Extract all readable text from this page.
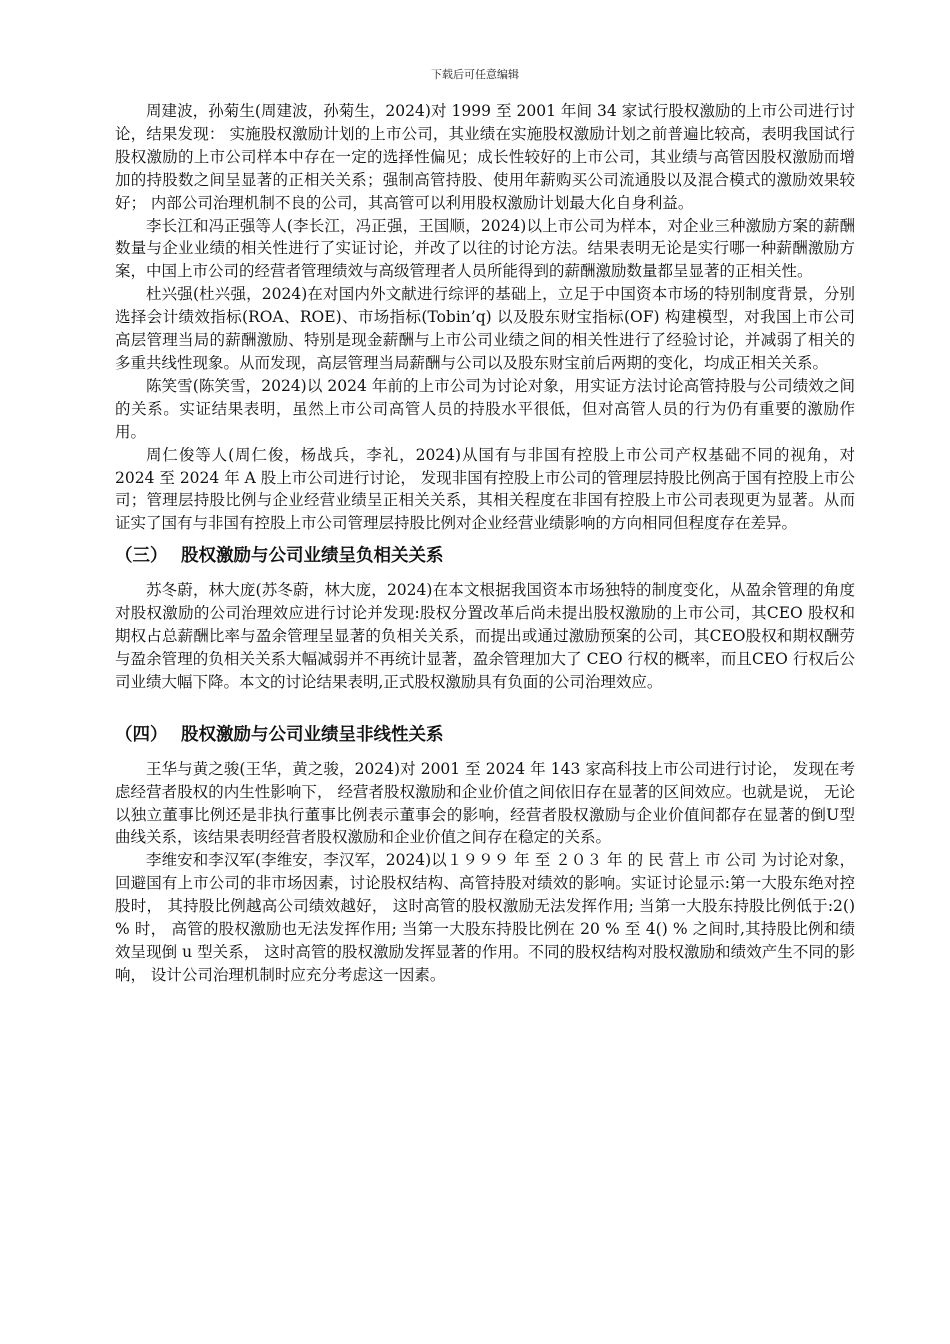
下载后可任意编辑

周建波，孙菊生(周建波，孙菊生，2024)对 1999 至 2001 年间 34 家试行股权激励的上市公司进行讨论，结果发现： 实施股权激励计划的上市公司，其业绩在实施股权激励计划之前普遍比较高，表明我国试行股权激励的上市公司样本中存在一定的选择性偏见；成长性较好的上市公司，其业绩与高管因股权激励而增加的持股数之间呈显著的正相关关系；强制高管持股、使用年薪购买公司流通股以及混合模式的激励效果较好； 内部公司治理机制不良的公司，其高管可以利用股权激励计划最大化自身利益。

李长江和冯正强等人(李长江，冯正强，王国顺，2024)以上市公司为样本，对企业三种激励方案的薪酬数量与企业业绩的相关性进行了实证讨论，并改了以往的讨论方法。结果表明无论是实行哪一种薪酬激励方案，中国上市公司的经营者管理绩效与高级管理者人员所能得到的薪酬激励数量都呈显著的正相关性。

杜兴强(杜兴强，2024)在对国内外文献进行综评的基础上，立足于中国资本市场的特别制度背景，分别选择会计绩效指标(ROA、ROE)、市场指标(Tobin’q) 以及股东财宝指标(OF) 构建模型，对我国上市公司高层管理当局的薪酬激励、特别是现金薪酬与上市公司业绩之间的相关性进行了经验讨论，并减弱了相关的多重共线性现象。从而发现，高层管理当局薪酬与公司以及股东财宝前后两期的变化，均成正相关关系。

陈笑雪(陈笑雪，2024)以 2024 年前的上市公司为讨论对象，用实证方法讨论高管持股与公司绩效之间的关系。实证结果表明，虽然上市公司高管人员的持股水平很低，但对高管人员的行为仍有重要的激励作用。

周仁俊等人(周仁俊，杨战兵，李礼，2024)从国有与非国有控股上市公司产权基础不同的视角，对 2024 至 2024 年 A 股上市公司进行讨论， 发现非国有控股上市公司的管理层持股比例高于国有控股上市公司；管理层持股比例与企业经营业绩呈正相关关系，其相关程度在非国有控股上市公司表现更为显著。从而证实了国有与非国有控股上市公司管理层持股比例对企业经营业绩影响的方向相同但程度存在差异。

（三） 股权激励与公司业绩呈负相关关系

苏冬蔚，林大庞(苏冬蔚，林大庞，2024)在本文根据我国资本市场独特的制度变化，从盈余管理的角度对股权激励的公司治理效应进行讨论并发现:股权分置改革后尚未提出股权激励的上市公司，其CEO 股权和期权占总薪酬比率与盈余管理呈显著的负相关关系，而提出或通过激励预案的公司，其CEO股权和期权酬劳与盈余管理的负相关关系大幅减弱并不再统计显著，盈余管理加大了 CEO 行权的概率，而且CEO 行权后公司业绩大幅下降。本文的讨论结果表明,正式股权激励具有负面的公司治理效应。

（四） 股权激励与公司业绩呈非线性关系

王华与黄之骏(王华，黄之骏，2024)对 2001 至 2024 年 143 家高科技上市公司进行讨论， 发现在考虑经营者股权的内生性影响下， 经营者股权激励和企业价值之间依旧存在显著的区间效应。也就是说， 无论以独立董事比例还是非执行董事比例表示董事会的影响，经营者股权激励与企业价值间都存在显著的倒U型曲线关系，该结果表明经营者股权激励和企业价值之间存在稳定的关系。

李维安和李汉军(李维安，李汉军，2024)以１９９９ 年 至 ２０３ 年 的 民 营上 市 公司 为讨论对象，回避国有上市公司的非市场因素，讨论股权结构、高管持股对绩效的影响。实证讨论显示:第一大股东绝对控股时， 其持股比例越高公司绩效越好， 这时高管的股权激励无法发挥作用; 当第一大股东持股比例低于:2() % 时， 高管的股权激励也无法发挥作用; 当第一大股东持股比例在 20 % 至 4() % 之间时,其持股比例和绩效呈现倒 u 型关系， 这时高管的股权激励发挥显著的作用。不同的股权结构对股权激励和绩效产生不同的影响， 设计公司治理机制时应充分考虑这一因素。
